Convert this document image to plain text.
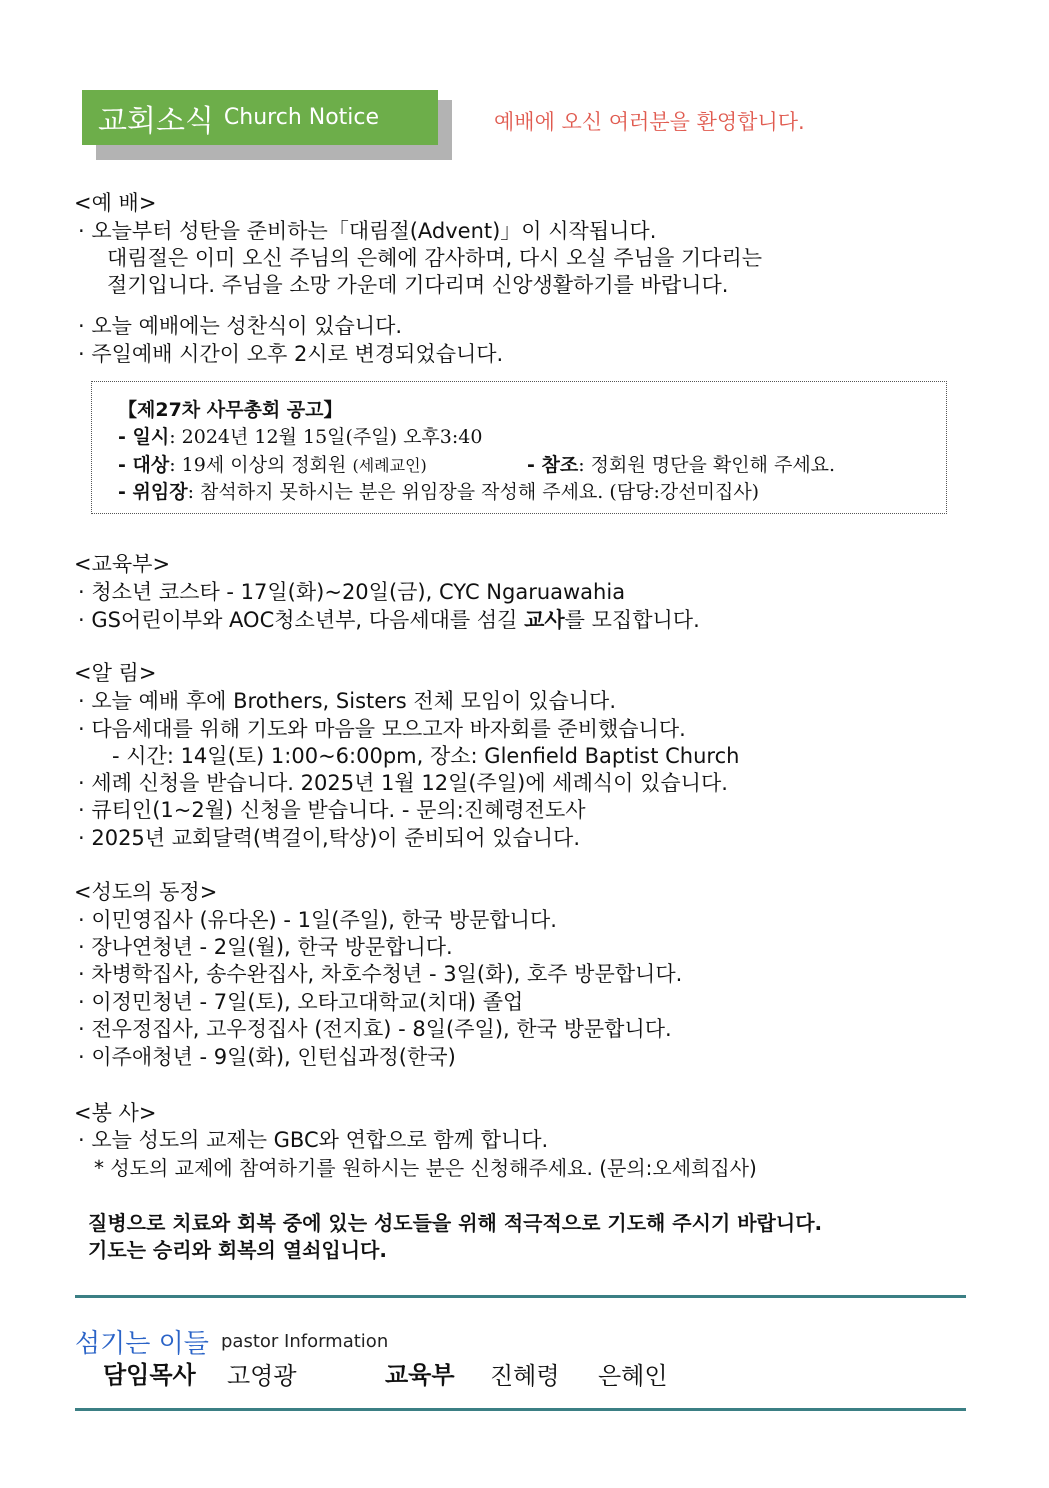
교회소식 Church Notice	예배에 오신 여러분을 환영합니다.
<예 배>
· 오늘부터 성탄을 준비하는「대림절(Advent)」이 시작됩니다.
대림절은 이미 오신 주님의 은혜에 감사하며, 다시 오실 주님을 기다리는
절기입니다. 주님을 소망 가운데 기다리며 신앙생활하기를 바랍니다.
· 오늘 예배에는 성찬식이 있습니다.
· 주일예배 시간이 오후 2시로 변경되었습니다.
【제27차 사무총회 공고】
- 일시: 2024년 12월 15일(주일) 오후3:40
- 대상: 19세 이상의 정회원 (세례교인)	- 참조: 정회원 명단을 확인해 주세요.
- 위임장: 참석하지 못하시는 분은 위임장을 작성해 주세요. (담당:강선미집사)
<교육부>
· 청소년 코스타 - 17일(화)~20일(금), CYC Ngaruawahia
· GS어린이부와 AOC청소년부, 다음세대를 섬길 교사를 모집합니다.
<알 림>
· 오늘 예배 후에 Brothers, Sisters 전체 모임이 있습니다.
· 다음세대를 위해 기도와 마음을 모으고자 바자회를 준비했습니다.
- 시간: 14일(토) 1:00~6:00pm, 장소: Glenfield Baptist Church
· 세례 신청을 받습니다. 2025년 1월 12일(주일)에 세례식이 있습니다.
· 큐티인(1~2월) 신청을 받습니다. - 문의:진혜령전도사
· 2025년 교회달력(벽걸이,탁상)이 준비되어 있습니다.
<성도의 동정>
· 이민영집사 (유다온) - 1일(주일), 한국 방문합니다.
· 장나연청년 - 2일(월), 한국 방문합니다.
· 차병학집사, 송수완집사, 차호수청년 - 3일(화), 호주 방문합니다.
· 이정민청년 - 7일(토), 오타고대학교(치대) 졸업
· 전우정집사, 고우정집사 (전지효) - 8일(주일), 한국 방문합니다.
· 이주애청년 - 9일(화), 인턴십과정(한국)
<봉 사>
· 오늘 성도의 교제는 GBC와 연합으로 함께 합니다.
* 성도의 교제에 참여하기를 원하시는 분은 신청해주세요. (문의:오세희집사)
질병으로 치료와 회복 중에 있는 성도들을 위해 적극적으로 기도해 주시기 바랍니다.
기도는 승리와 회복의 열쇠입니다.
섬기는 이들 pastor Information
담임목사 고영광	교육부 진혜령 은혜인
